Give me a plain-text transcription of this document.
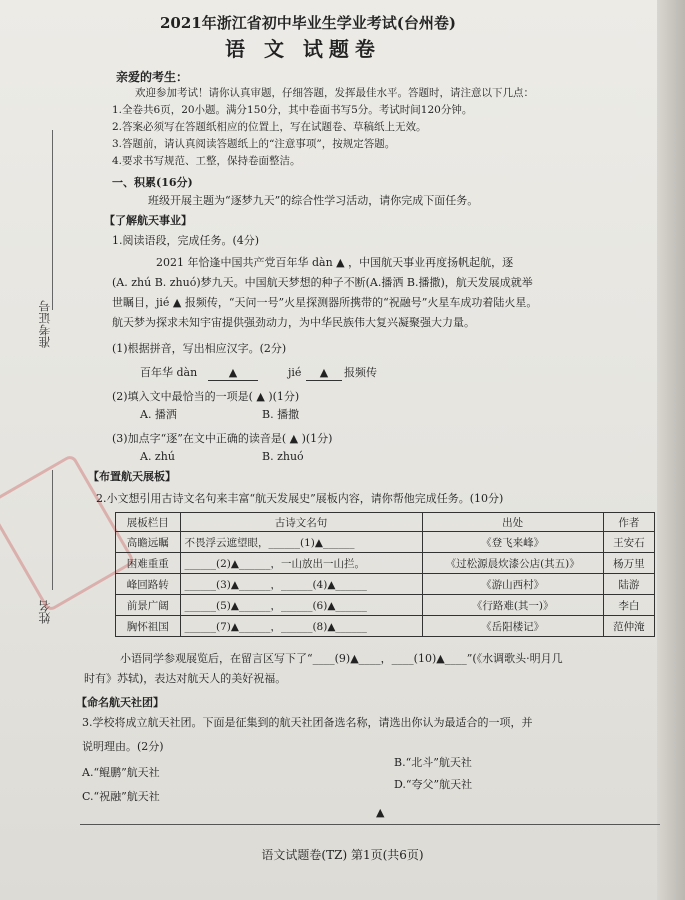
准考证号
姓名
2021年浙江省初中毕业生学业考试(台州卷)
语 文 试题卷
亲爱的考生：
欢迎参加考试！请你认真审题，仔细答题，发挥最佳水平。答题时，请注意以下几点：
1.全卷共6页，20小题。满分150分，其中卷面书写5分。考试时间120分钟。
2.答案必须写在答题纸相应的位置上，写在试题卷、草稿纸上无效。
3.答题前，请认真阅读答题纸上的“注意事项”，按规定答题。
4.要求书写规范、工整，保持卷面整洁。
一、积累(16分)
班级开展主题为“逐梦九天”的综合性学习活动，请你完成下面任务。
【了解航天事业】
1.阅读语段，完成任务。(4分)
2021 年恰逢中国共产党百年华 dàn ▲ ，中国航天事业再度扬帆起航，逐
(A. zhú B. zhuó)梦九天。中国航天梦想的种子不断(A.播洒 B.播撒)，航天发展成就举
世瞩目，jié ▲ 报频传，“天问一号”火星探测器所携带的“祝融号”火星车成功着陆火星。
航天梦为探求未知宇宙提供强劲动力，为中华民族伟大复兴凝聚强大力量。
(1)根据拼音，写出相应汉字。(2分)
百年华 dàn	▲	jié	▲	报频传
(2)填入文中最恰当的一项是( ▲ )(1分)
A. 播洒	B. 播撒
(3)加点字“逐”在文中正确的读音是( ▲ )(1分)
A. zhú	B. zhuó
【布置航天展板】
2.小文想引用古诗文名句来丰富“航天发展史”展板内容，请你帮他完成任务。(10分)
展板栏目	古诗文名句	出处	作者
高瞻远瞩	不畏浮云遮望眼，______(1)▲______	《登飞来峰》	王安石
困难重重	______(2)▲______，一山放出一山拦。	《过松源晨炊漆公店(其五)》	杨万里
峰回路转	______(3)▲______，______(4)▲______	《游山西村》	陆游
前景广阔	______(5)▲______，______(6)▲______	《行路难(其一)》	李白
胸怀祖国	______(7)▲______，______(8)▲______	《岳阳楼记》	范仲淹
小语同学参观展览后，在留言区写下了“____(9)▲____，____(10)▲____”(《水调歌头·明月几
时有》苏轼)，表达对航天人的美好祝福。
【命名航天社团】
3.学校将成立航天社团。下面是征集到的航天社团备选名称，请选出你认为最适合的一项，并
说明理由。(2分)
A.“鲲鹏”航天社
B.“北斗”航天社
C.“祝融”航天社
D.“夸父”航天社
▲
语文试题卷(TZ) 第1页(共6页)
